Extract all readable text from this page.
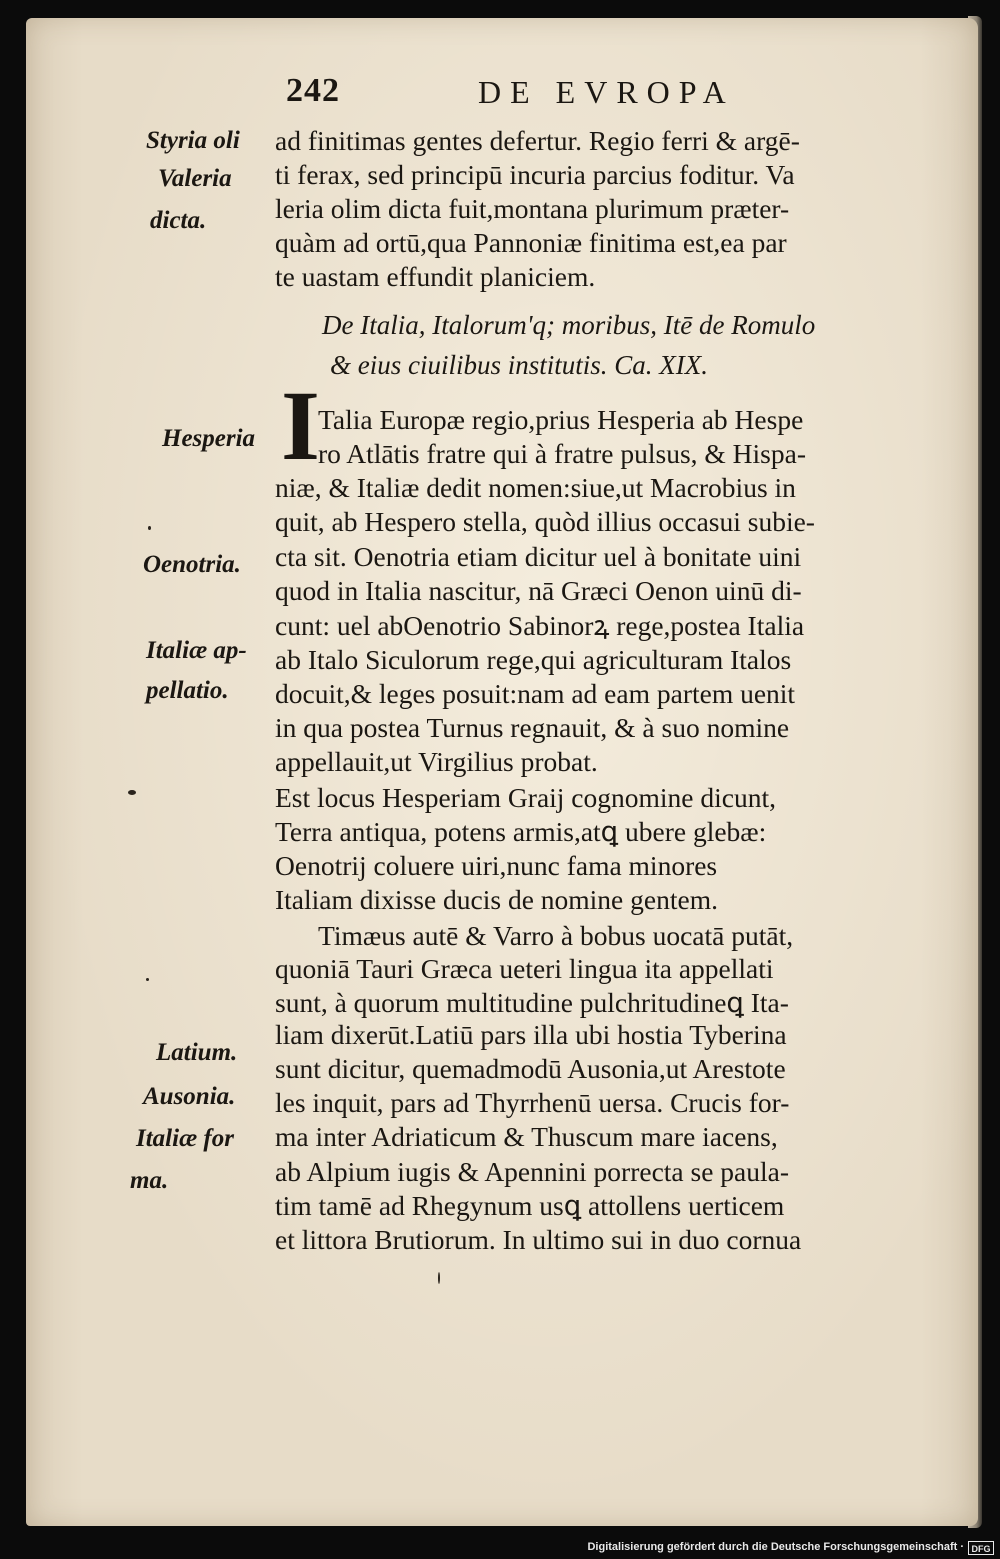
242	DE EVROPA
ad finitimas gentes defertur. Regio ferri & argē-
ti ferax, sed principū incuria parcius foditur. Va
leria olim dicta fuit,montana plurimum præter-
quàm ad ortū,qua Pannoniæ finitima est,ea par
te uastam effundit planiciem.
De Italia, Italorum'q; moribus, Itē de Romulo
& eius ciuilibus institutis. Ca. XIX.
I
Talia Europæ regio,prius Hesperia ab Hespe
ro Atlātis fratre qui à fratre pulsus, & Hispa-
niæ, & Italiæ dedit nomen:siue,ut Macrobius in
quit, ab Hespero stella, quòd illius occasui subie-
cta sit. Oenotria etiam dicitur uel à bonitate uini
quod in Italia nascitur, nā Græci Oenon uinū di-
cunt: uel abOenotrio Sabinorꝝ rege,postea Italia
ab Italo Siculorum rege,qui agriculturam Italos
docuit,& leges posuit:nam ad eam partem uenit
in qua postea Turnus regnauit, & à suo nomine
appellauit,ut Virgilius probat.
Est locus Hesperiam Graij cognomine dicunt,
Terra antiqua, potens armis,atꝗ ubere glebæ:
Oenotrij coluere uiri,nunc fama minores
Italiam dixisse ducis de nomine gentem.
Timæus autē & Varro à bobus uocatā putāt,
quoniā Tauri Græca ueteri lingua ita appellati
sunt, à quorum multitudine pulchritudineꝗ Ita-
liam dixerūt.Latiū pars illa ubi hostia Tyberina
sunt dicitur, quemadmodū Ausonia,ut Arestote
les inquit, pars ad Thyrrhenū uersa. Crucis for-
ma inter Adriaticum & Thuscum mare iacens,
ab Alpium iugis & Apennini porrecta se paula-
tim tamē ad Rhegynum usꝗ attollens uerticem
et littora Brutiorum. In ultimo sui in duo cornua
Styria oli
Valeria
dicta.
Hesperia
Oenotria.
Italiæ ap-
pellatio.
Latium.
Ausonia.
Italiæ for
ma.
Digitalisierung gefördert durch die Deutsche Forschungsgemeinschaft · DFG
